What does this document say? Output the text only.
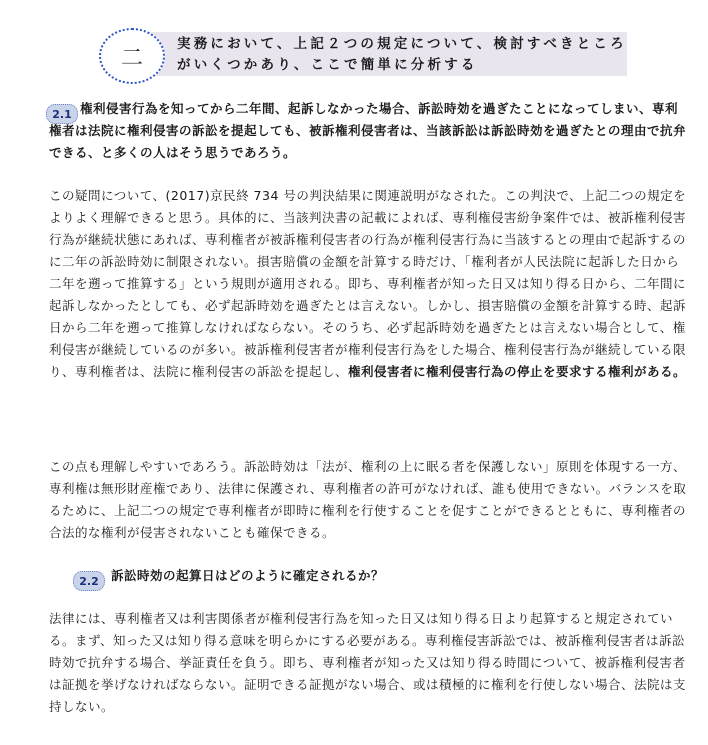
二
実務において、上記２つの規定について、検討すべきところがいくつかあり、ここで簡単に分析する
2.1 権利侵害行為を知ってから二年間、起訴しなかった場合、訴訟時効を過ぎたことになってしまい、専利権者は法院に権利侵害の訴訟を提起しても、被訴権利侵害者は、当該訴訟は訴訟時効を過ぎたとの理由で抗弁できる、と多くの人はそう思うであろう。

この疑問について、(2017)京民終 734 号の判決結果に関連説明がなされた。この判決で、上記二つの規定をよりよく理解できると思う。具体的に、当該判決書の記載によれば、専利権侵害紛争案件では、被訴権利侵害行為が継続状態にあれば、専利権者が被訴権利侵害者の行為が権利侵害行為に当該するとの理由で起訴するのに二年の訴訟時効に制限されない。損害賠償の金額を計算する時だけ、「権利者が人民法院に起訴した日から二年を遡って推算する」という規則が適用される。即ち、専利権者が知った日又は知り得る日から、二年間に起訴しなかったとしても、必ず起訴時効を過ぎたとは言えない。しかし、損害賠償の金額を計算する時、起訴日から二年を遡って推算しなければならない。そのうち、必ず起訴時効を過ぎたとは言えない場合として、権利侵害が継続しているのが多い。被訴権利侵害者が権利侵害行為をした場合、権利侵害行為が継続している限り、専利権者は、法院に権利侵害の訴訟を提起し、権利侵害者に権利侵害行為の停止を要求する権利がある。

この点も理解しやすいであろう。訴訟時効は「法が、権利の上に眠る者を保護しない」原則を体現する一方、専利権は無形財産権であり、法律に保護され、専利権者の許可がなければ、誰も使用できない。バランスを取るために、上記二つの規定で専利権者が即時に権利を行使することを促すことができるとともに、専利権者の合法的な権利が侵害されないことも確保できる。

2.2 訴訟時効の起算日はどのように確定されるか？

法律には、専利権者又は利害関係者が権利侵害行為を知った日又は知り得る日より起算すると規定されている。まず、知った又は知り得る意味を明らかにする必要がある。専利権侵害訴訟では、被訴権利侵害者は訴訟時効で抗弁する場合、挙証責任を負う。即ち、専利権者が知った又は知り得る時間について、被訴権利侵害者は証拠を挙げなければならない。証明できる証拠がない場合、或は積極的に権利を行使しない場合、法院は支持しない。
